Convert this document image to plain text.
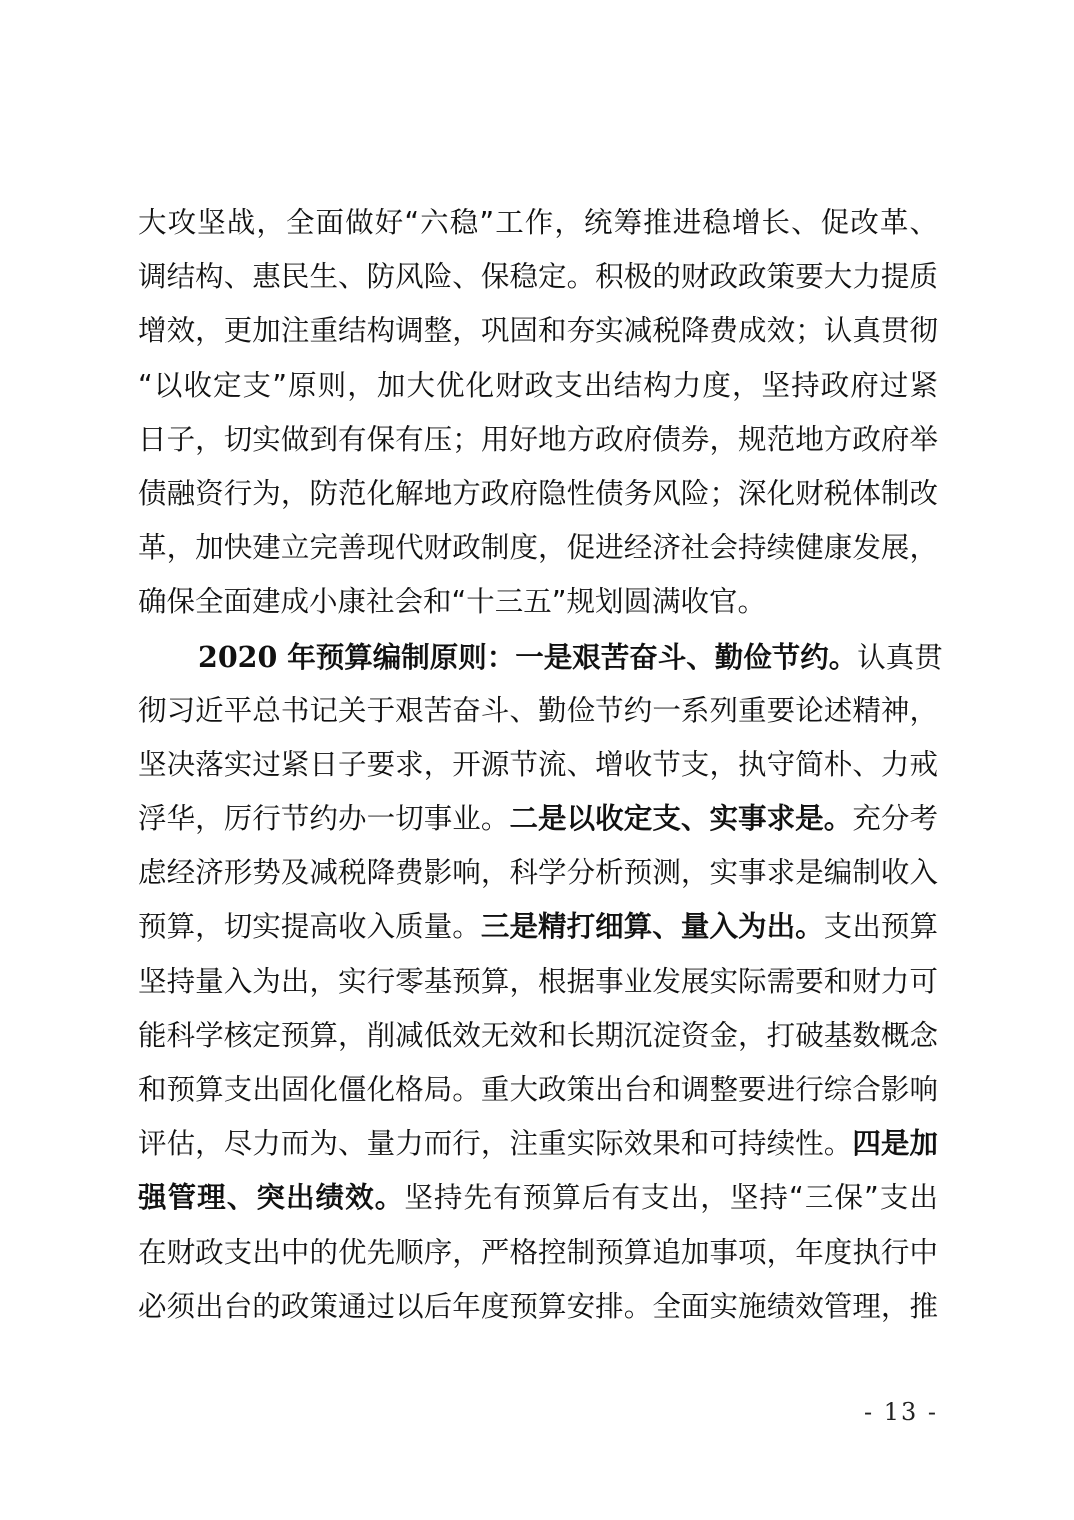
大攻坚战，全面做好“六稳”工作，统筹推进稳增长、促改革、
调结构、惠民生、防风险、保稳定。积极的财政政策要大力提质
增效，更加注重结构调整，巩固和夯实减税降费成效；认真贯彻
“以收定支”原则，加大优化财政支出结构力度，坚持政府过紧
日子，切实做到有保有压；用好地方政府债券，规范地方政府举
债融资行为，防范化解地方政府隐性债务风险；深化财税体制改
革，加快建立完善现代财政制度，促进经济社会持续健康发展，
确保全面建成小康社会和“十三五”规划圆满收官。
2020 年预算编制原则：一是艰苦奋斗、勤俭节约。认真贯
彻习近平总书记关于艰苦奋斗、勤俭节约一系列重要论述精神，
坚决落实过紧日子要求，开源节流、增收节支，执守简朴、力戒
浮华，厉行节约办一切事业。二是以收定支、实事求是。充分考
虑经济形势及减税降费影响，科学分析预测，实事求是编制收入
预算，切实提高收入质量。三是精打细算、量入为出。支出预算
坚持量入为出，实行零基预算，根据事业发展实际需要和财力可
能科学核定预算，削减低效无效和长期沉淀资金，打破基数概念
和预算支出固化僵化格局。重大政策出台和调整要进行综合影响
评估，尽力而为、量力而行，注重实际效果和可持续性。四是加
强管理、突出绩效。坚持先有预算后有支出，坚持“三保”支出
在财政支出中的优先顺序，严格控制预算追加事项，年度执行中
必须出台的政策通过以后年度预算安排。全面实施绩效管理，推
- 13 -
